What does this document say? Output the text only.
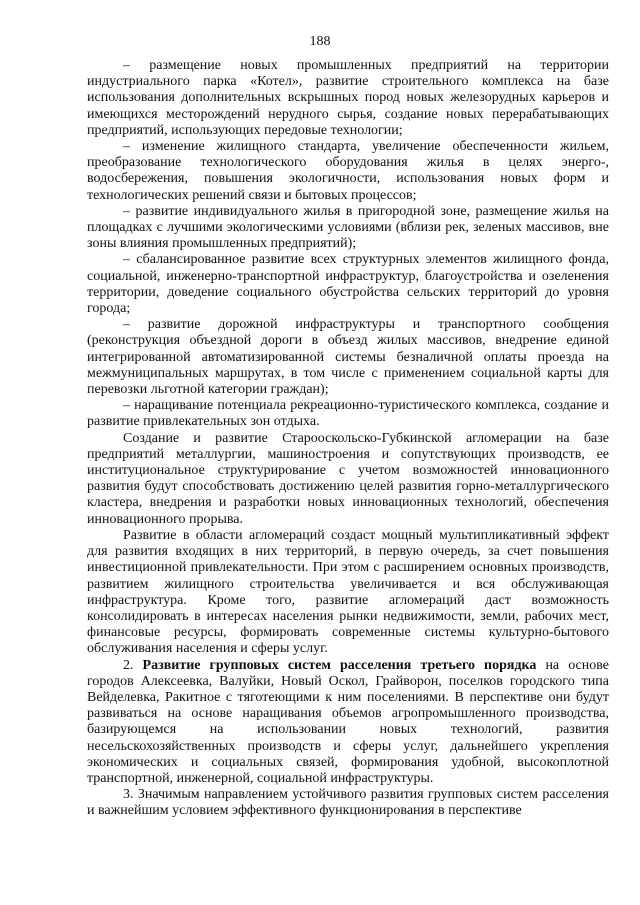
188

– размещение новых промышленных предприятий на территории индустриального парка «Котел», развитие строительного комплекса на базе использования дополнительных вскрышных пород новых железорудных карьеров и имеющихся месторождений нерудного сырья, создание новых перерабатывающих предприятий, использующих передовые технологии;

– изменение жилищного стандарта, увеличение обеспеченности жильем, преобразование технологического оборудования жилья в целях энерго-, водосбережения, повышения экологичности, использования новых форм и технологических решений связи и бытовых процессов;

– развитие индивидуального жилья в пригородной зоне, размещение жилья на площадках с лучшими экологическими условиями (вблизи рек, зеленых массивов, вне зоны влияния промышленных предприятий);

– сбалансированное развитие всех структурных элементов жилищного фонда, социальной, инженерно-транспортной инфраструктур, благоустройства и озеленения территории, доведение социального обустройства сельских территорий до уровня города;

– развитие дорожной инфраструктуры и транспортного сообщения (реконструкция объездной дороги в объезд жилых массивов, внедрение единой интегрированной автоматизированной системы безналичной оплаты проезда на межмуниципальных маршрутах, в том числе с применением социальной карты для перевозки льготной категории граждан);

– наращивание потенциала рекреационно-туристического комплекса, создание и развитие привлекательных зон отдыха.

Создание и развитие Старооскольско-Губкинской агломерации на базе предприятий металлургии, машиностроения и сопутствующих производств, ее институциональное структурирование с учетом возможностей инновационного развития будут способствовать достижению целей развития горно-металлургического кластера, внедрения и разработки новых инновационных технологий, обеспечения инновационного прорыва.

Развитие в области агломераций создаст мощный мультипликативный эффект для развития входящих в них территорий, в первую очередь, за счет повышения инвестиционной привлекательности. При этом с расширением основных производств, развитием жилищного строительства увеличивается и вся обслуживающая инфраструктура. Кроме того, развитие агломераций даст возможность консолидировать в интересах населения рынки недвижимости, земли, рабочих мест, финансовые ресурсы, формировать современные системы культурно-бытового обслуживания населения и сферы услуг.

2. Развитие групповых систем расселения третьего порядка на основе городов Алексеевка, Валуйки, Новый Оскол, Грайворон, поселков городского типа Вейделевка, Ракитное с тяготеющими к ним поселениями. В перспективе они будут развиваться на основе наращивания объемов агропромышленного производства, базирующемся на использовании новых технологий, развития несельскохозяйственных производств и сферы услуг, дальнейшего укрепления экономических и социальных связей, формирования удобной, высокоплотной транспортной, инженерной, социальной инфраструктуры.

3. Значимым направлением устойчивого развития групповых систем расселения и важнейшим условием эффективного функционирования в перспективе
